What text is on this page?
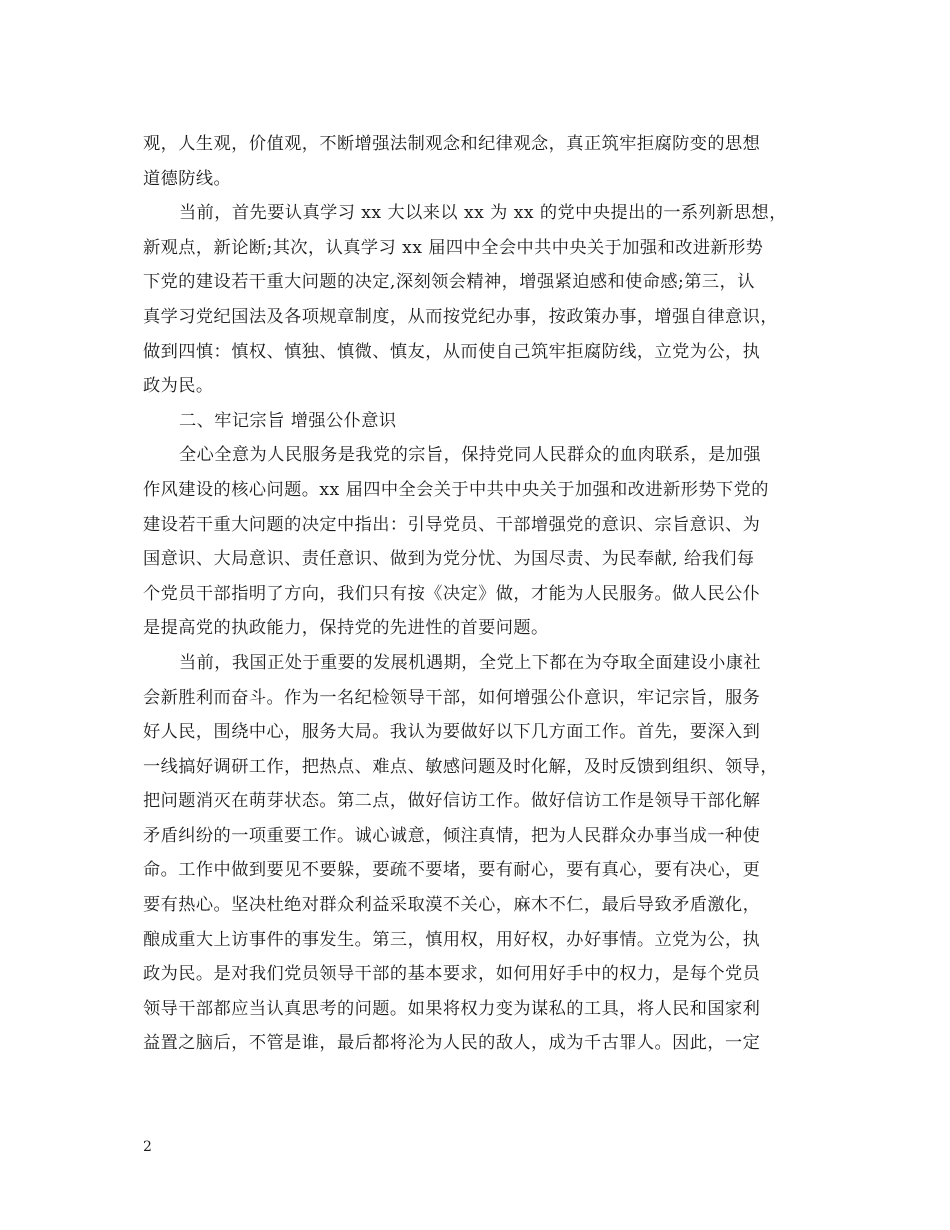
观，人生观，价值观，不断增强法制观念和纪律观念，真正筑牢拒腐防变的思想
道德防线。
当前，首先要认真学习 xx 大以来以 xx 为 xx 的党中央提出的一系列新思想，
新观点，新论断;其次，认真学习 xx 届四中全会中共中央关于加强和改进新形势
下党的建设若干重大问题的决定,深刻领会精神，增强紧迫感和使命感;第三，认
真学习党纪国法及各项规章制度，从而按党纪办事，按政策办事，增强自律意识，
做到四慎：慎权、慎独、慎微、慎友，从而使自己筑牢拒腐防线，立党为公，执
政为民。
二、牢记宗旨 增强公仆意识
全心全意为人民服务是我党的宗旨，保持党同人民群众的血肉联系，是加强
作风建设的核心问题。xx 届四中全会关于中共中央关于加强和改进新形势下党的
建设若干重大问题的决定中指出：引导党员、干部增强党的意识、宗旨意识、为
国意识、大局意识、责任意识、做到为党分忧、为国尽责、为民奉献, 给我们每
个党员干部指明了方向，我们只有按《决定》做，才能为人民服务。做人民公仆
是提高党的执政能力，保持党的先进性的首要问题。
当前，我国正处于重要的发展机遇期，全党上下都在为夺取全面建设小康社
会新胜利而奋斗。作为一名纪检领导干部，如何增强公仆意识，牢记宗旨，服务
好人民，围绕中心，服务大局。我认为要做好以下几方面工作。首先，要深入到
一线搞好调研工作，把热点、难点、敏感问题及时化解，及时反馈到组织、领导，
把问题消灭在萌芽状态。第二点，做好信访工作。做好信访工作是领导干部化解
矛盾纠纷的一项重要工作。诚心诚意，倾注真情，把为人民群众办事当成一种使
命。工作中做到要见不要躲，要疏不要堵，要有耐心，要有真心，要有决心，更
要有热心。坚决杜绝对群众利益采取漠不关心，麻木不仁，最后导致矛盾激化，
酿成重大上访事件的事发生。第三，慎用权，用好权，办好事情。立党为公，执
政为民。是对我们党员领导干部的基本要求，如何用好手中的权力，是每个党员
领导干部都应当认真思考的问题。如果将权力变为谋私的工具，将人民和国家利
益置之脑后，不管是谁，最后都将沦为人民的敌人，成为千古罪人。因此，一定
2
